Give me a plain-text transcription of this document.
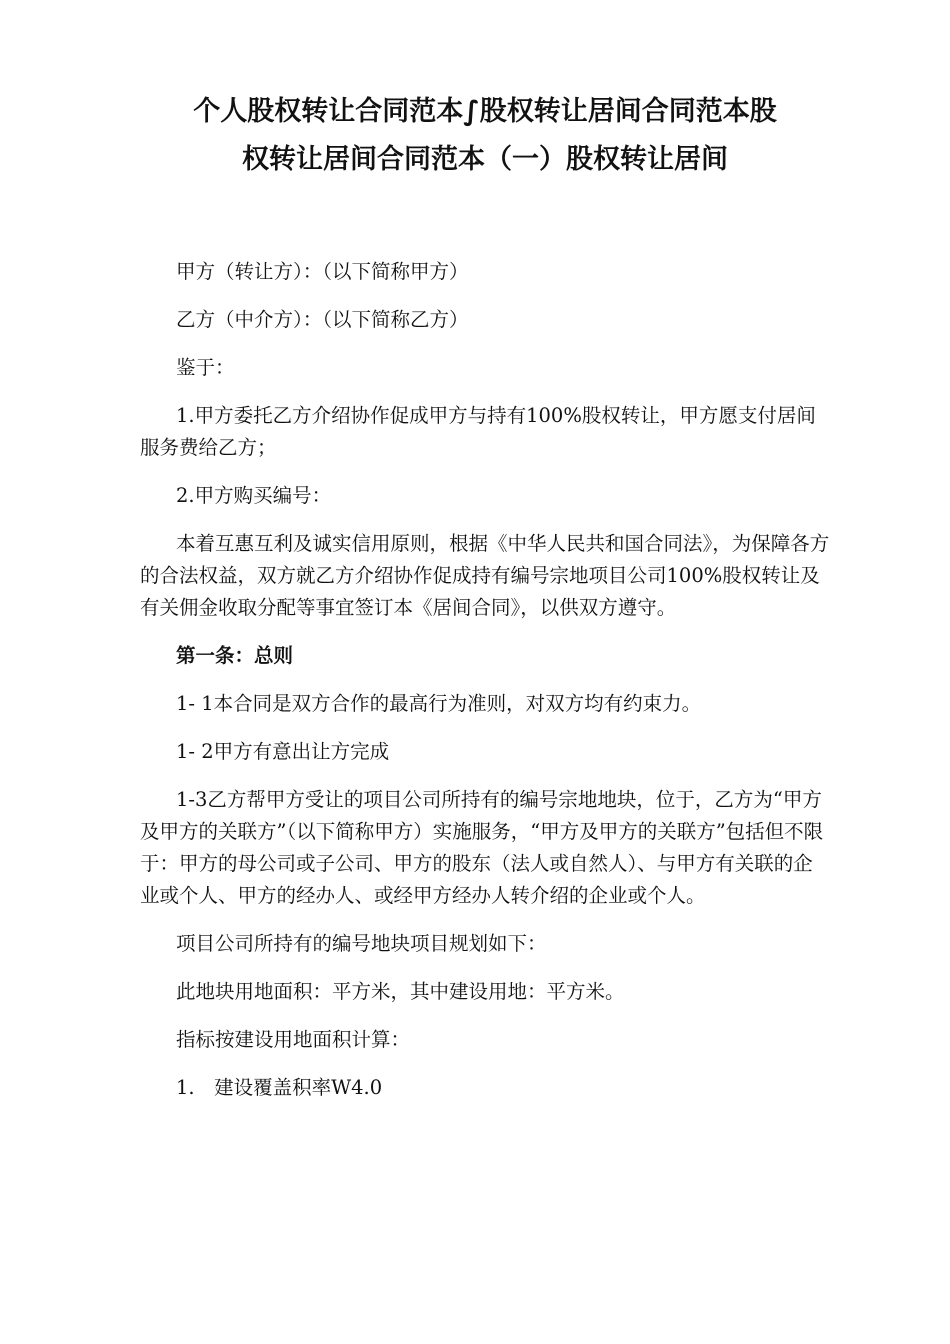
个人股权转让合同范本∫股权转让居间合同范本股
权转让居间合同范本（一）股权转让居间

甲方（转让方）：（以下简称甲方）

乙方（中介方）：（以下简称乙方）

鉴于：

1.甲方委托乙方介绍协作促成甲方与持有100%股权转让，甲方愿支付居间服务费给乙方；

2.甲方购买编号：

本着互惠互利及诚实信用原则，根据《中华人民共和国合同法》，为保障各方的合法权益，双方就乙方介绍协作促成持有编号宗地项目公司100%股权转让及有关佣金收取分配等事宜签订本《居间合同》，以供双方遵守。

第一条：总则

1- 1本合同是双方合作的最高行为准则，对双方均有约束力。

1- 2甲方有意出让方完成

1-3乙方帮甲方受让的项目公司所持有的编号宗地地块，位于，乙方为“甲方及甲方的关联方”（以下简称甲方）实施服务，“甲方及甲方的关联方”包括但不限于：甲方的母公司或子公司、甲方的股东（法人或自然人）、与甲方有关联的企业或个人、甲方的经办人、或经甲方经办人转介绍的企业或个人。

项目公司所持有的编号地块项目规划如下：

此地块用地面积：平方米，其中建设用地：平方米。

指标按建设用地面积计算：

1.　建设覆盖积率W4.0
